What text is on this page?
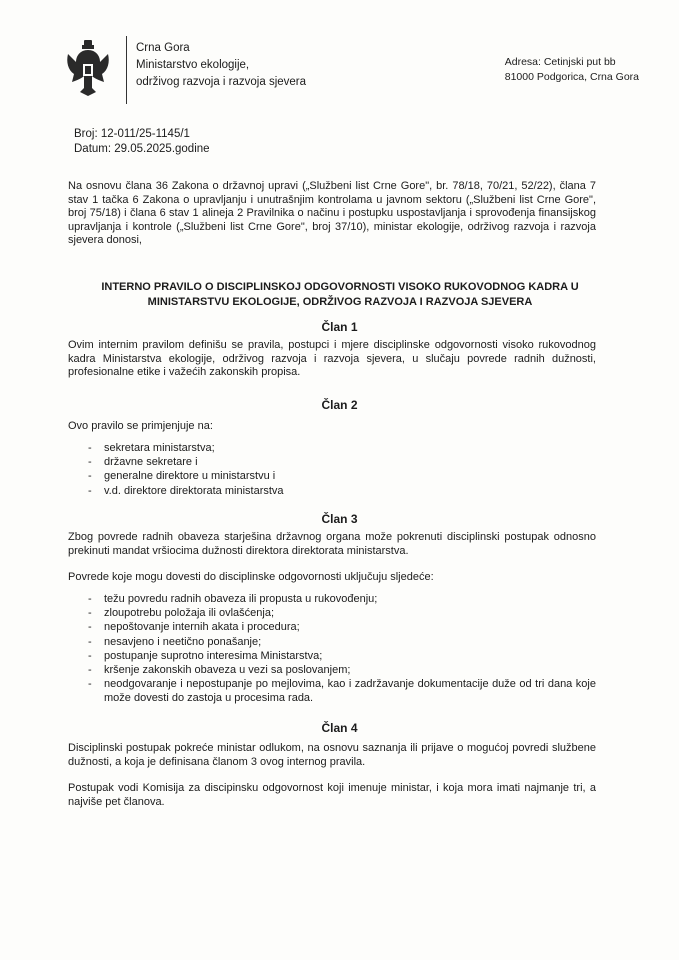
Crna Gora
Ministarstvo ekologije,
održivog razvoja i razvoja sjevera
Adresa: Cetinjski put bb
81000 Podgorica, Crna Gora
Broj: 12-011/25-1145/1
Datum: 29.05.2025.godine
Na osnovu člana 36 Zakona o državnoj upravi („Službeni list Crne Gore", br. 78/18, 70/21, 52/22), člana 7 stav 1 tačka 6 Zakona o upravljanju i unutrašnjim kontrolama u javnom sektoru („Službeni list Crne Gore", broj 75/18) i člana 6 stav 1 alineja 2 Pravilnika o načinu i postupku uspostavljanja i sprovođenja finansijskog upravljanja i kontrole („Službeni list Crne Gore", broj 37/10), ministar ekologije, održivog razvoja i razvoja sjevera donosi,
INTERNO PRAVILO O DISCIPLINSKOJ ODGOVORNOSTI VISOKO RUKOVODNOG KADRA U
MINISTARSTVU EKOLOGIJE, ODRŽIVOG RAZVOJA I RAZVOJA SJEVERA
Član 1
Ovim internim pravilom definišu se pravila, postupci i mjere disciplinske odgovornosti visoko rukovodnog kadra Ministarstva ekologije, održivog razvoja i razvoja sjevera, u slučaju povrede radnih dužnosti, profesionalne etike i važećih zakonskih propisa.
Član 2
Ovo pravilo se primjenjuje na:
- sekretara ministarstva;
- državne sekretare i
- generalne direktore u ministarstvu i
- v.d. direktore direktorata ministarstva
Član 3
Zbog povrede radnih obaveza starješina državnog organa može pokrenuti disciplinski postupak odnosno prekinuti mandat vršiocima dužnosti direktora direktorata ministarstva.
Povrede koje mogu dovesti do disciplinske odgovornosti uključuju sljedeće:
- težu povredu radnih obaveza ili propusta u rukovođenju;
- zloupotrebu položaja ili ovlašćenja;
- nepoštovanje internih akata i procedura;
- nesavjeno i neetično ponašanje;
- postupanje suprotno interesima Ministarstva;
- kršenje zakonskih obaveza u vezi sa poslovanjem;
- neodgovaranje i nepostupanje po mejlovima, kao i zadržavanje dokumentacije duže od tri dana koje može dovesti do zastoja u procesima rada.
Član 4
Disciplinski postupak pokreće ministar odlukom, na osnovu saznanja ili prijave o mogućoj povredi službene dužnosti, a koja je definisana članom 3 ovog internog pravila.
Postupak vodi Komisija za discipinsku odgovornost koji imenuje ministar, i koja mora imati najmanje tri, a najviše pet članova.
